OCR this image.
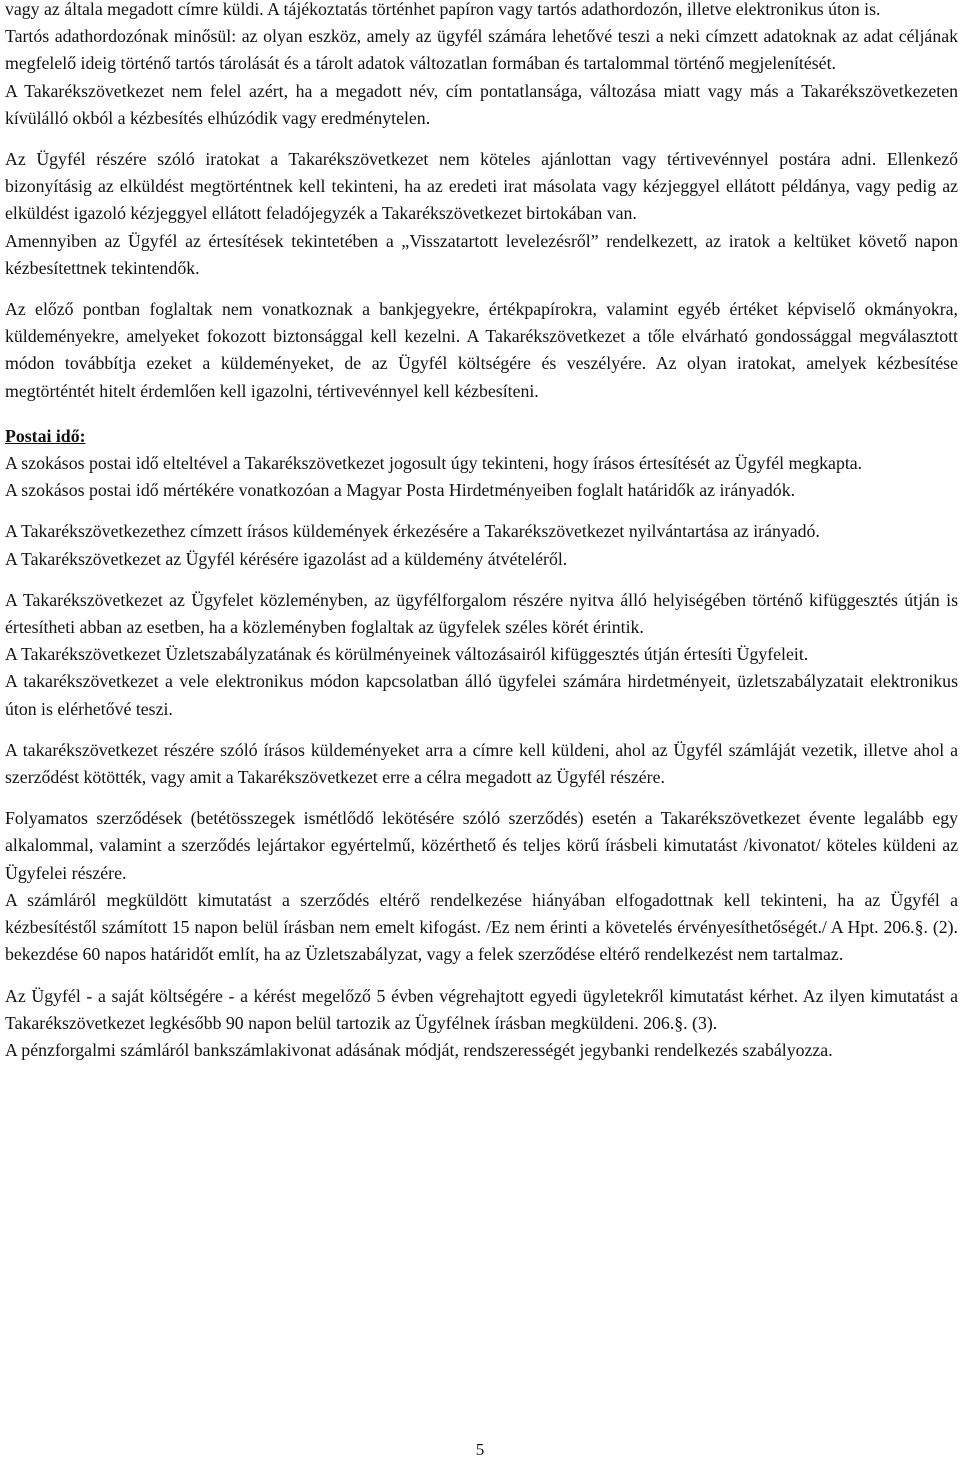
vagy az általa megadott címre küldi. A tájékoztatás történhet papíron vagy tartós adathordozón, illetve elektronikus úton is.

Tartós adathordozónak minősül: az olyan eszköz, amely az ügyfél számára lehetővé teszi a neki címzett adatoknak az adat céljának megfelelő ideig történő tartós tárolását és a tárolt adatok változatlan formában és tartalommal történő megjelenítését.

A Takarékszövetkezet nem felel azért, ha a megadott név, cím pontatlansága, változása miatt vagy más a Takarékszövetkezeten kívülálló okból a kézbesítés elhúzódik vagy eredménytelen.

Az Ügyfél részére szóló iratokat a Takarékszövetkezet nem köteles ajánlottan vagy tértivevénnyel postára adni. Ellenkező bizonyításig az elküldést megtörténtnek kell tekinteni, ha az eredeti irat másolata vagy kézjeggyel ellátott példánya, vagy pedig az elküldést igazoló kézjeggyel ellátott feladójegyzék a Takarékszövetkezet birtokában van.

Amennyiben az Ügyfél az értesítések tekintetében a „Visszatartott levelezésről” rendelkezett, az iratok a keltüket követő napon kézbesítettnek tekintendők.

Az előző pontban foglaltak nem vonatkoznak a bankjegyekre, értékpapírokra, valamint egyéb értéket képviselő okmányokra, küldeményekre, amelyeket fokozott biztonsággal kell kezelni. A Takarékszövetkezet a tőle elvárható gondossággal megválasztott módon továbbítja ezeket a küldeményeket, de az Ügyfél költségére és veszélyére. Az olyan iratokat, amelyek kézbesítése megtörténtét hitelt érdemlően kell igazolni, tértivevénnyel kell kézbesíteni.

Postai idő:

A szokásos postai idő elteltével a Takarékszövetkezet jogosult úgy tekinteni, hogy írásos értesítését az Ügyfél megkapta.

A szokásos postai idő mértékére vonatkozóan a Magyar Posta Hirdetményeiben foglalt határidők az irányadók.

A Takarékszövetkezethez címzett írásos küldemények érkezésére a Takarékszövetkezet nyilvántartása az irányadó.

A Takarékszövetkezet az Ügyfél kérésére igazolást ad a küldemény átvételéről.

A Takarékszövetkezet az Ügyfelet közleményben, az ügyfélforgalom részére nyitva álló helyiségében történő kifüggesztés útján is értesítheti abban az esetben, ha a közleményben foglaltak az ügyfelek széles körét érintik.

A Takarékszövetkezet Üzletszabályzatának és körülményeinek változásairól kifüggesztés útján értesíti Ügyfeleit.

A takarékszövetkezet a vele elektronikus módon kapcsolatban álló ügyfelei számára hirdetményeit, üzletszabályzatait elektronikus úton is elérhetővé teszi.

A takarékszövetkezet részére szóló írásos küldeményeket arra a címre kell küldeni, ahol az Ügyfél számláját vezetik, illetve ahol a szerződést kötötték, vagy amit a Takarékszövetkezet erre a célra megadott az Ügyfél részére.

Folyamatos szerződések (betétösszegek ismétlődő lekötésére szóló szerződés) esetén a Takarékszövetkezet évente legalább egy alkalommal, valamint a szerződés lejártakor egyértelmű, közérthető és teljes körű írásbeli kimutatást /kivonatot/ köteles küldeni az Ügyfelei részére.

A számláról megküldött kimutatást a szerződés eltérő rendelkezése hiányában elfogadottnak kell tekinteni, ha az Ügyfél a kézbesítéstől számított 15 napon belül írásban nem emelt kifogást. /Ez nem érinti a követelés érvényesíthetőségét./ A Hpt. 206.§. (2). bekezdése 60 napos határidőt említ, ha az Üzletszabályzat, vagy a felek szerződése eltérő rendelkezést nem tartalmaz.

Az Ügyfél - a saját költségére - a kérést megelőző 5 évben végrehajtott egyedi ügyletekről kimutatást kérhet. Az ilyen kimutatást a Takarékszövetkezet legkésőbb 90 napon belül tartozik az Ügyfélnek írásban megküldeni. 206.§. (3).

A pénzforgalmi számláról bankszámlakivonat adásának módját, rendszerességét jegybanki rendelkezés szabályozza.

5
